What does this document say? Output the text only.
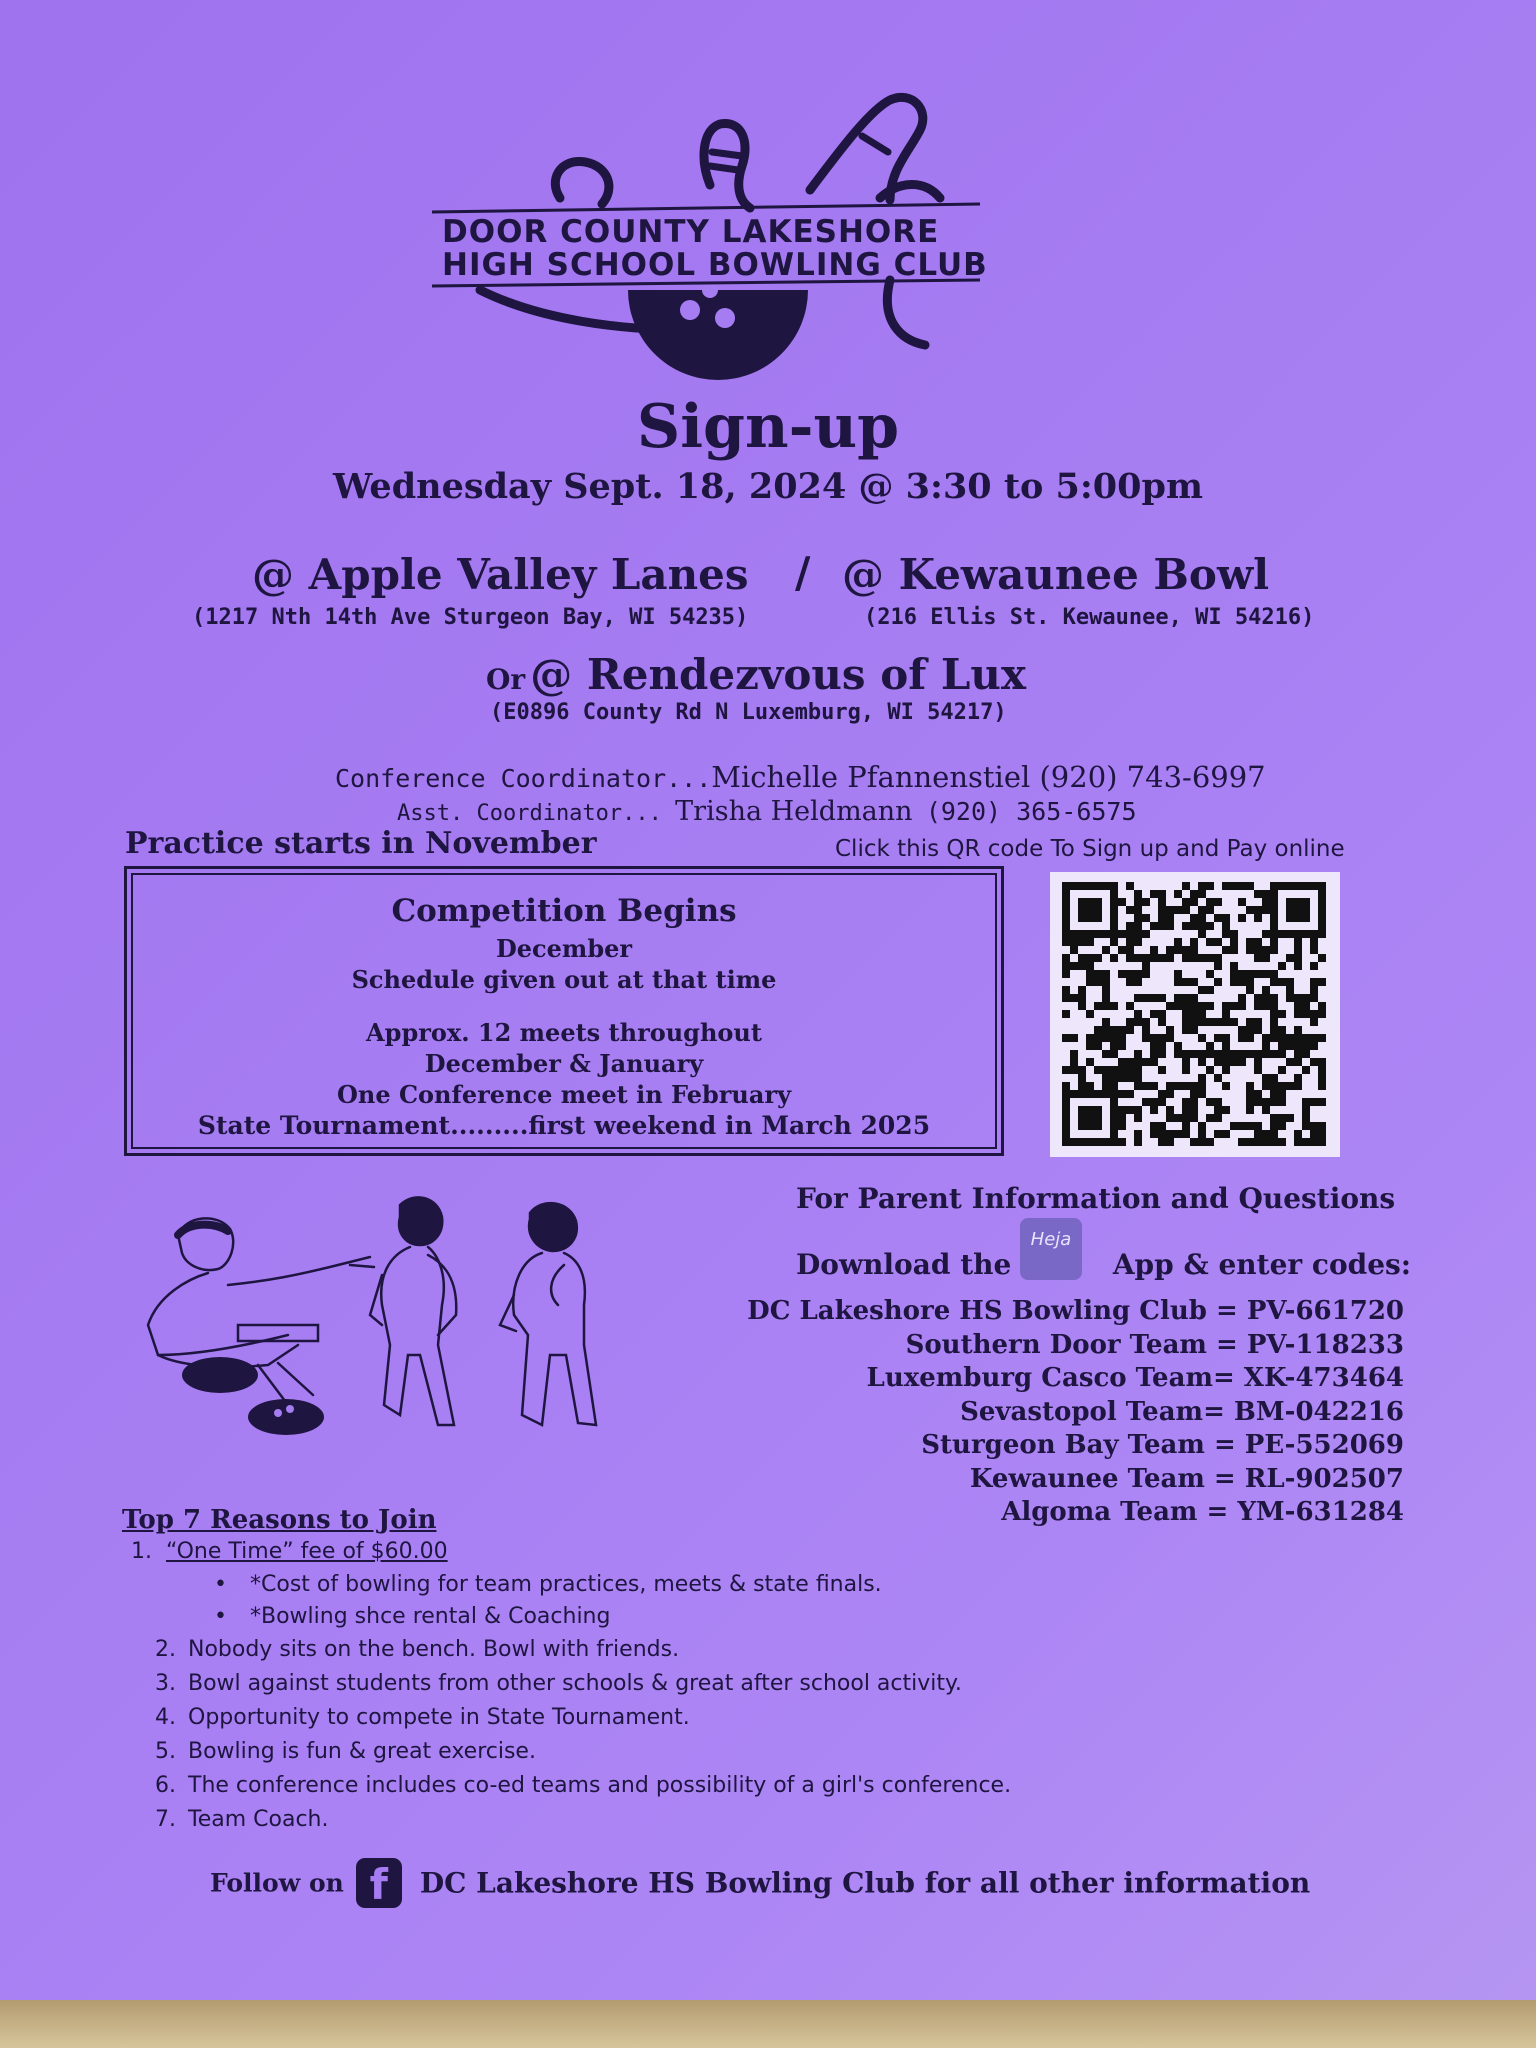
DOOR COUNTY LAKESHORE
HIGH SCHOOL BOWLING CLUB
Sign-up
Wednesday Sept. 18, 2024 @ 3:30 to 5:00pm
@ Apple Valley Lanes / @ Kewaunee Bowl
(1217 Nth 14th Ave Sturgeon Bay, WI 54235)	(216 Ellis St. Kewaunee, WI 54216)
Or @ Rendezvous of Lux
(E0896 County Rd N Luxemburg, WI 54217)
Conference Coordinator...Michelle Pfannenstiel (920) 743-6997
Asst. Coordinator... Trisha Heldmann (920) 365-6575
Practice starts in November	Click this QR code To Sign up and Pay online
Competition Begins
December
Schedule given out at that time
Approx. 12 meets throughout
December & January
One Conference meet in February
State Tournament.........first weekend in March 2025
For Parent Information and Questions
Heja
Download the	App & enter codes:
DC Lakeshore HS Bowling Club = PV-661720
Southern Door Team = PV-118233
Luxemburg Casco Team= XK-473464
Sevastopol Team= BM-042216
Sturgeon Bay Team = PE-552069
Kewaunee Team = RL-902507
Algoma Team = YM-631284
Top 7 Reasons to Join
1. “One Time” fee of $60.00
• *Cost of bowling for team practices, meets & state finals.
• *Bowling shce rental & Coaching
2. Nobody sits on the bench. Bowl with friends.
3. Bowl against students from other schools & great after school activity.
4. Opportunity to compete in State Tournament.
5. Bowling is fun & great exercise.
6. The conference includes co-ed teams and possibility of a girl's conference.
7. Team Coach.
Follow on f DC Lakeshore HS Bowling Club for all other information
